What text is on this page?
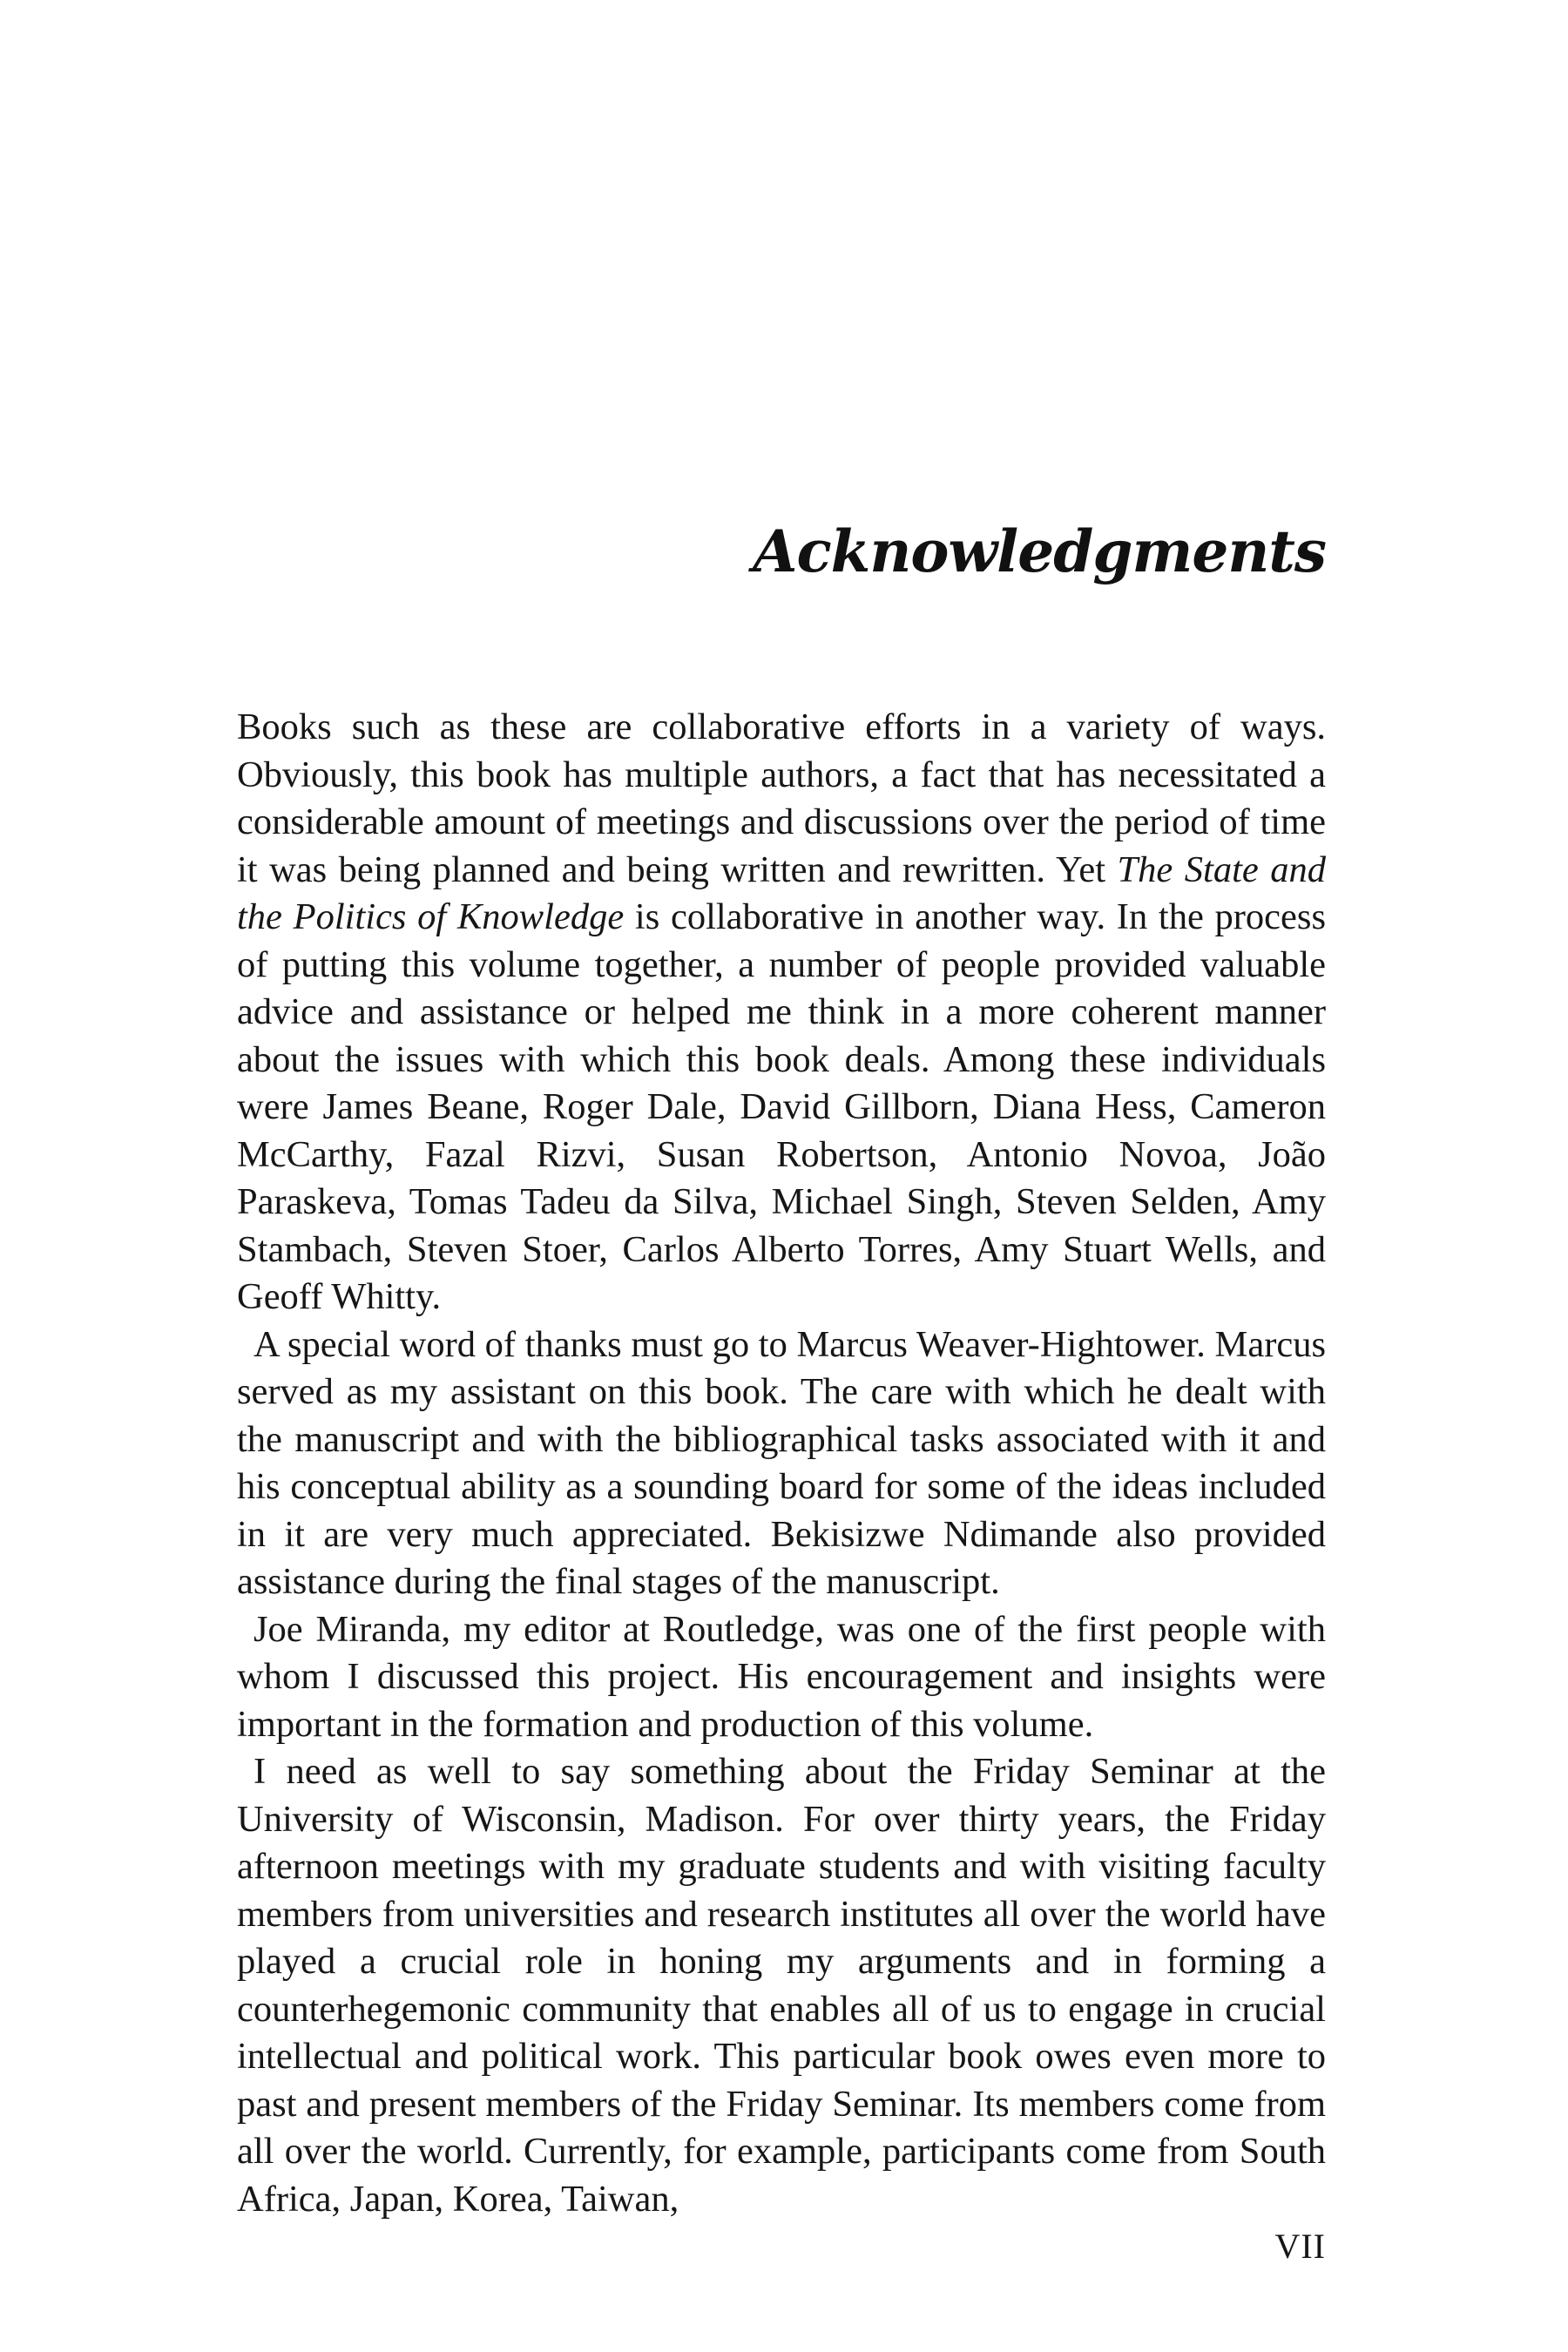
Acknowledgments

Books such as these are collaborative efforts in a variety of ways. Obviously, this book has multiple authors, a fact that has necessitated a considerable amount of meetings and discussions over the period of time it was being planned and being written and rewritten. Yet The State and the Politics of Knowledge is collaborative in another way. In the process of putting this volume together, a number of people provided valuable advice and assistance or helped me think in a more coherent manner about the issues with which this book deals. Among these individuals were James Beane, Roger Dale, David Gillborn, Diana Hess, Cameron McCarthy, Fazal Rizvi, Susan Robertson, Antonio Novoa, João Paraskeva, Tomas Tadeu da Silva, Michael Singh, Steven Selden, Amy Stambach, Steven Stoer, Carlos Alberto Torres, Amy Stuart Wells, and Geoff Whitty.

A special word of thanks must go to Marcus Weaver-Hightower. Marcus served as my assistant on this book. The care with which he dealt with the manuscript and with the bibliographical tasks associated with it and his conceptual ability as a sounding board for some of the ideas included in it are very much appreciated. Bekisizwe Ndimande also provided assistance during the final stages of the manuscript.

Joe Miranda, my editor at Routledge, was one of the first people with whom I discussed this project. His encouragement and insights were important in the formation and production of this volume.

I need as well to say something about the Friday Seminar at the University of Wisconsin, Madison. For over thirty years, the Friday afternoon meetings with my graduate students and with visiting faculty members from universities and research institutes all over the world have played a crucial role in honing my arguments and in forming a counterhegemonic community that enables all of us to engage in crucial intellectual and political work. This particular book owes even more to past and present members of the Friday Seminar. Its members come from all over the world. Currently, for example, participants come from South Africa, Japan, Korea, Taiwan,

VII
